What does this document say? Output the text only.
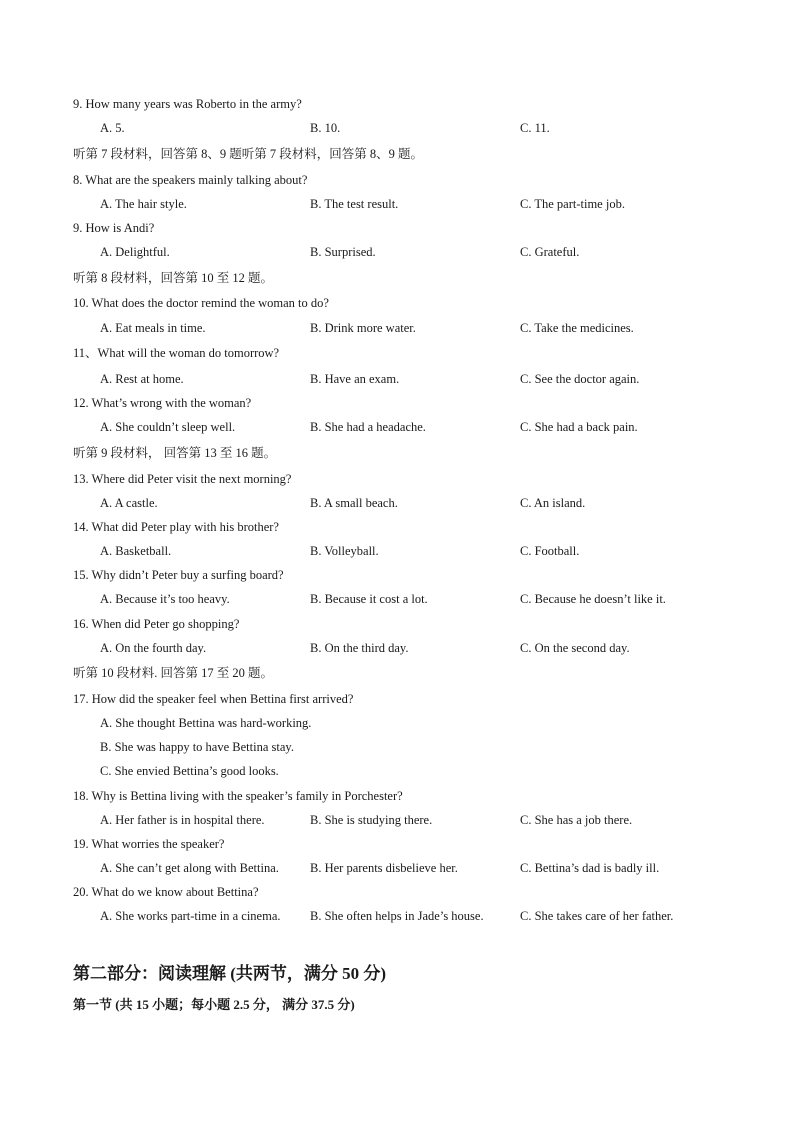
9. How many years was Roberto in the army?
A. 5.	B. 10.	C. 11.
听第 7 段材料，回答第 8、9 题听第 7 段材料，回答第 8、9 题。
8. What are the speakers mainly talking about?
A. The hair style.	B. The test result.	C. The part-time job.
9. How is Andi?
A. Delightful.	B. Surprised.	C. Grateful.
听第 8 段材料，回答第 10 至 12 题。
10. What does the doctor remind the woman to do?
A. Eat meals in time.	B. Drink more water.	C. Take the medicines.
11、What will the woman do tomorrow?
A. Rest at home.	B. Have an exam.	C. See the doctor again.
12. What’s wrong with the woman?
A. She couldn’t sleep well.	B. She had a headache.	C. She had a back pain.
听第 9 段材料， 回答第 13 至 16 题。
13. Where did Peter visit the next morning?
A. A castle.	B. A small beach.	C. An island.
14. What did Peter play with his brother?
A. Basketball.	B. Volleyball.	C. Football.
15. Why didn’t Peter buy a surfing board?
A. Because it’s too heavy.	B. Because it cost a lot.	C. Because he doesn’t like it.
16. When did Peter go shopping?
A. On the fourth day.	B. On the third day.	C. On the second day.
听第 10 段材料. 回答第 17 至 20 题。
17. How did the speaker feel when Bettina first arrived?
A. She thought Bettina was hard-working.
B. She was happy to have Bettina stay.
C. She envied Bettina’s good looks.
18. Why is Bettina living with the speaker’s family in Porchester?
A. Her father is in hospital there.	B. She is studying there.	C. She has a job there.
19. What worries the speaker?
A. She can’t get along with Bettina. B. Her parents disbelieve her.	C. Bettina’s dad is badly ill.
20. What do we know about Bettina?
A. She works part-time in a cinema. B. She often helps in Jade’s house.	C. She takes care of her father.
第二部分：阅读理解 (共两节，满分 50 分)
第一节 (共 15 小题；每小题 2.5 分， 满分 37.5 分)
